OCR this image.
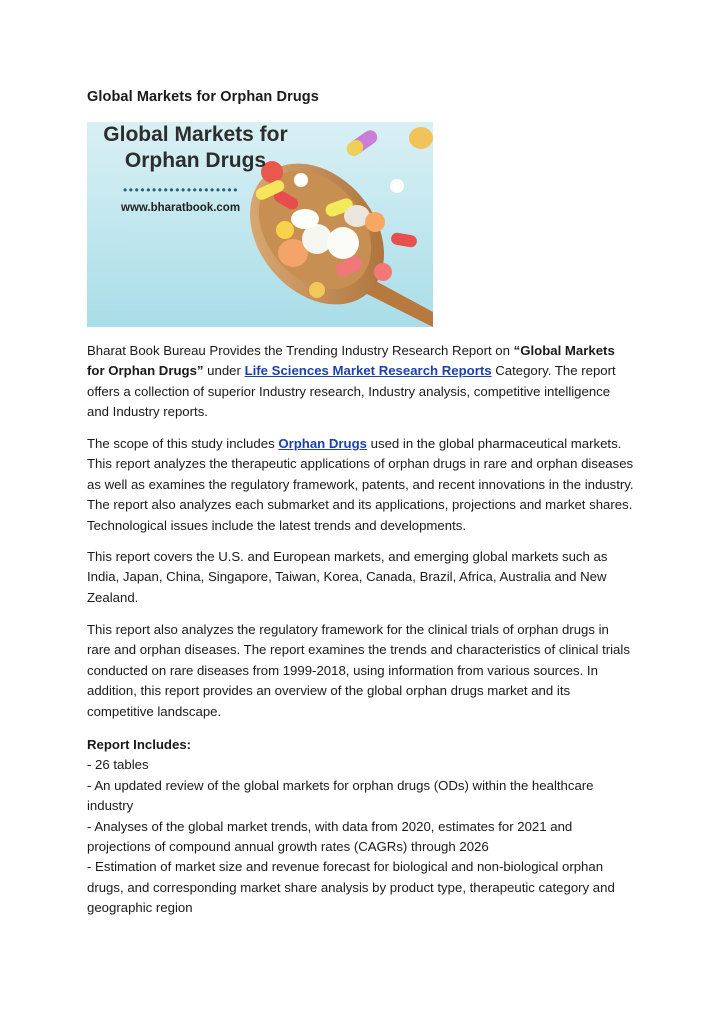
Global Markets for Orphan Drugs
Global Markets for Orphan Drugs
••••••••••••••••••••
www.bharatbook.com

Bharat Book Bureau Provides the Trending Industry Research Report on “Global Markets for Orphan Drugs” under Life Sciences Market Research Reports Category. The report offers a collection of superior Industry research, Industry analysis, competitive intelligence and Industry reports.

The scope of this study includes Orphan Drugs used in the global pharmaceutical markets. This report analyzes the therapeutic applications of orphan drugs in rare and orphan diseases as well as examines the regulatory framework, patents, and recent innovations in the industry. The report also analyzes each submarket and its applications, projections and market shares. Technological issues include the latest trends and developments.

This report covers the U.S. and European markets, and emerging global markets such as India, Japan, China, Singapore, Taiwan, Korea, Canada, Brazil, Africa, Australia and New Zealand.

This report also analyzes the regulatory framework for the clinical trials of orphan drugs in rare and orphan diseases. The report examines the trends and characteristics of clinical trials conducted on rare diseases from 1999-2018, using information from various sources. In addition, this report provides an overview of the global orphan drugs market and its competitive landscape.

Report Includes:
- 26 tables
- An updated review of the global markets for orphan drugs (ODs) within the healthcare industry
- Analyses of the global market trends, with data from 2020, estimates for 2021 and projections of compound annual growth rates (CAGRs) through 2026
- Estimation of market size and revenue forecast for biological and non-biological orphan drugs, and corresponding market share analysis by product type, therapeutic category and geographic region
